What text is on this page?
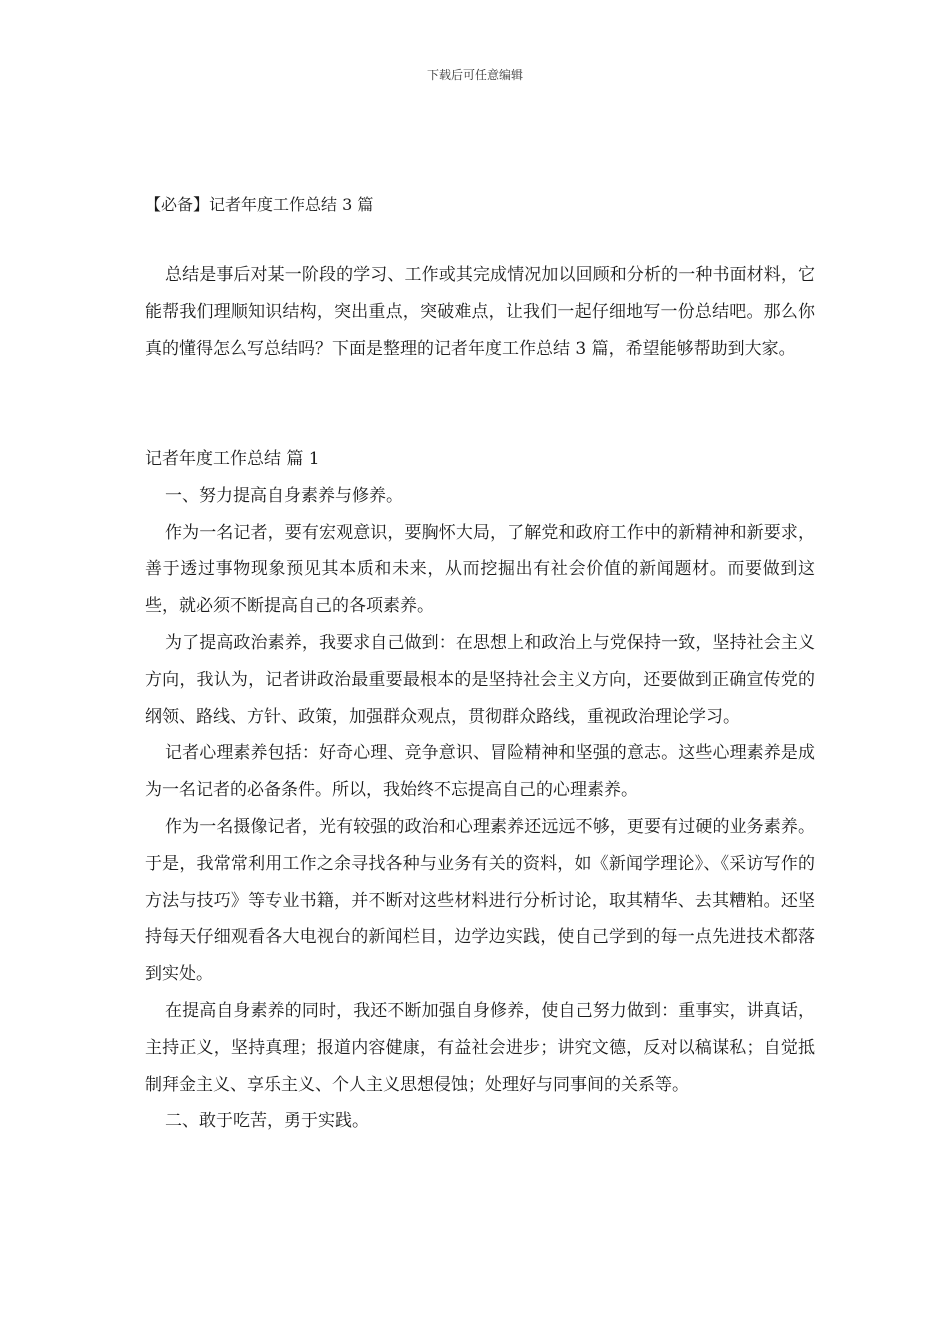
下载后可任意编辑
【必备】记者年度工作总结 3 篇

总结是事后对某一阶段的学习、工作或其完成情况加以回顾和分析的一种书面材料，它能帮我们理顺知识结构，突出重点，突破难点，让我们一起仔细地写一份总结吧。那么你真的懂得怎么写总结吗？下面是整理的记者年度工作总结 3 篇，希望能够帮助到大家。

记者年度工作总结 篇 1

一、努力提高自身素养与修养。

作为一名记者，要有宏观意识，要胸怀大局，了解党和政府工作中的新精神和新要求，善于透过事物现象预见其本质和未来，从而挖掘出有社会价值的新闻题材。而要做到这些，就必须不断提高自己的各项素养。

为了提高政治素养，我要求自己做到：在思想上和政治上与党保持一致，坚持社会主义方向，我认为，记者讲政治最重要最根本的是坚持社会主义方向，还要做到正确宣传党的纲领、路线、方针、政策，加强群众观点，贯彻群众路线，重视政治理论学习。

记者心理素养包括：好奇心理、竞争意识、冒险精神和坚强的意志。这些心理素养是成为一名记者的必备条件。所以，我始终不忘提高自己的心理素养。

作为一名摄像记者，光有较强的政治和心理素养还远远不够，更要有过硬的业务素养。于是，我常常利用工作之余寻找各种与业务有关的资料，如《新闻学理论》、《采访写作的方法与技巧》等专业书籍，并不断对这些材料进行分析讨论，取其精华、去其糟粕。还坚持每天仔细观看各大电视台的新闻栏目，边学边实践，使自己学到的每一点先进技术都落到实处。

在提高自身素养的同时，我还不断加强自身修养，使自己努力做到：重事实，讲真话，主持正义，坚持真理；报道内容健康，有益社会进步；讲究文德，反对以稿谋私；自觉抵制拜金主义、享乐主义、个人主义思想侵蚀；处理好与同事间的关系等。

二、敢于吃苦，勇于实践。
